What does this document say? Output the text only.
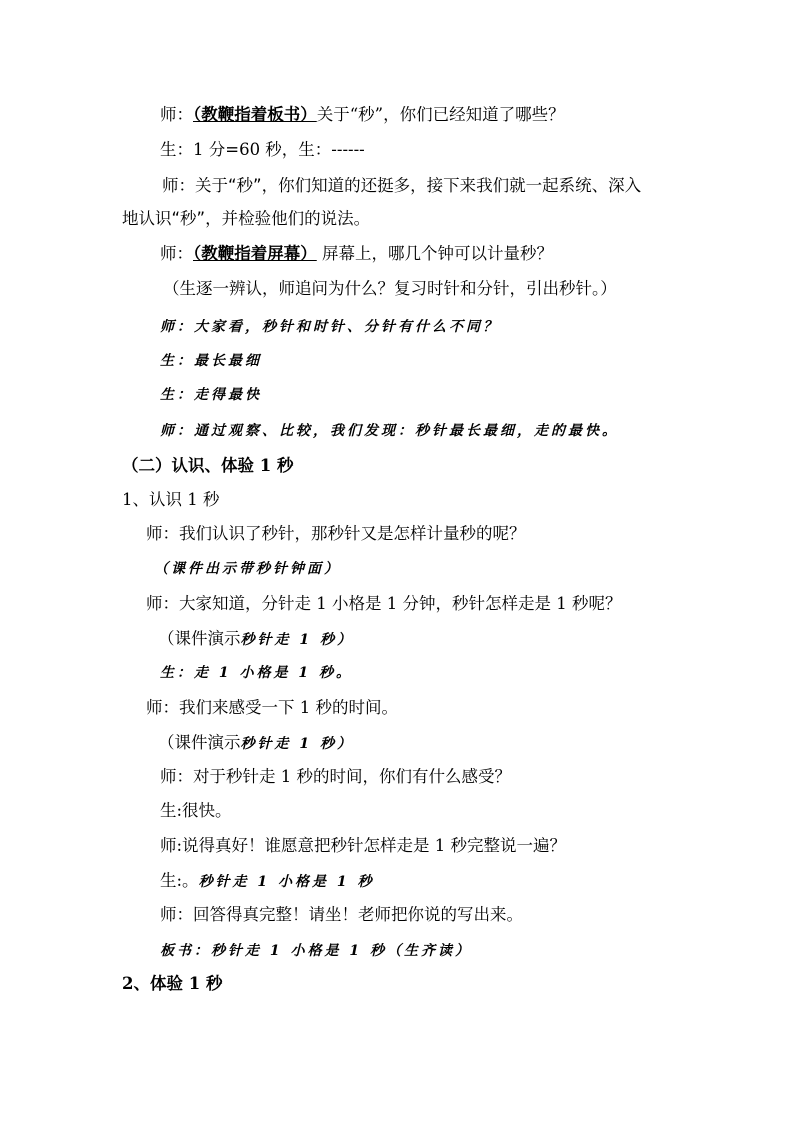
师：（教鞭指着板书）关于“秒”，你们已经知道了哪些？
生：1 分=60 秒，生：------
师：关于“秒”，你们知道的还挺多，接下来我们就一起系统、深入
地认识“秒”，并检验他们的说法。
师：（教鞭指着屏幕） 屏幕上，哪几个钟可以计量秒？
（生逐一辨认，师追问为什么？复习时针和分针，引出秒针。）
师：大家看，秒针和时针、分针有什么不同？
生：最长最细
生：走得最快
师：通过观察、比较，我们发现：秒针最长最细，走的最快。
（二）认识、体验 1 秒
1、认识 1 秒
师：我们认识了秒针，那秒针又是怎样计量秒的呢？
（课件出示带秒针钟面）
师：大家知道，分针走 1 小格是 1 分钟，秒针怎样走是 1 秒呢？
（课件演示秒针走 1 秒）
生：走 1 小格是 1 秒。
师：我们来感受一下 1 秒的时间。
（课件演示秒针走 1 秒）
师：对于秒针走 1 秒的时间，你们有什么感受？
生:很快。
师:说得真好！谁愿意把秒针怎样走是 1 秒完整说一遍？
生:。秒针走 1 小格是 1 秒
师：回答得真完整！请坐！老师把你说的写出来。
板书：秒针走 1 小格是 1 秒（生齐读）
2、体验 1 秒
